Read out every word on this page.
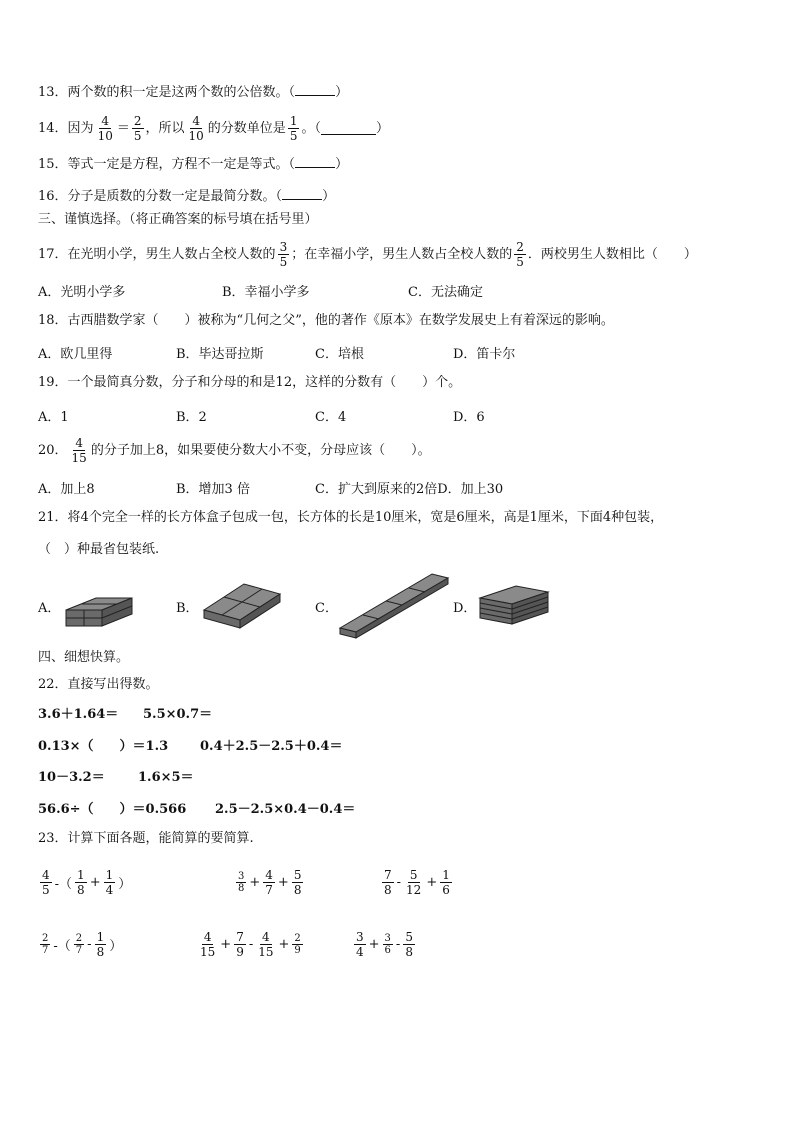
13．两个数的积一定是这两个数的公倍数。（	）
14． 因为 $\frac{4}{10} = \frac{2}{5}$ ，所以 $\frac{4}{10}$ 的分数单位是 $\frac{1}{5}$ 。（	）
15．等式一定是方程，方程不一定是等式。（	）
16．分子是质数的分数一定是最简分数。（	）
三、谨慎选择。（将正确答案的标号填在括号里）
17． 在光明小学，男生人数占全校人数的 $\frac{3}{5}$ ；在幸福小学，男生人数占全校人数的 $\frac{2}{5}$ ．两校男生人数相比（　　）
A．光明小学多	B．幸福小学多	C．无法确定
18．古西腊数学家（　　）被称为“几何之父”，他的著作《原本》在数学发展史上有着深远的影响。
A．欧几里得	B．毕达哥拉斯	C．培根	D．笛卡尔
19．一个最简真分数，分子和分母的和是12，这样的分数有（　　）个。
A．1	B．2	C．4	D．6
20． $\frac{4}{15}$ 的分子加上8，如果要使分数大小不变，分母应该（　　）。
A．加上8	B．增加3 倍	C．扩大到原来的2倍D．加上30
21．将4个完全一样的长方体盒子包成一包，长方体的长是10厘米，宽是6厘米，高是1厘米，下面4种包装，
（　）种最省包装纸.
A．	B．	C．	D．
四、细想快算。
22．直接写出得数。
3.6＋1.64＝ 5.5×0.7＝
0.13×（　　）＝1.3 0.4＋2.5－2.5＋0.4＝
10－3.2＝	1.6×5＝
56.6÷（　　）＝0.566 2.5－2.5×0.4－0.4＝
23．计算下面各题，能简算的要简算.
$\frac{4}{5}$ -（ $\frac{1}{8} + \frac{1}{4}$ ）	$\frac{3}{8} + \frac{4}{7} + \frac{5}{8}$	$\frac{7}{8} - \frac{5}{12} + \frac{1}{6}$
$\frac{2}{7}$ -（ $\frac{2}{7} - \frac{1}{8}$ ）	$\frac{4}{15} + \frac{7}{9} - \frac{4}{15} + \frac{2}{9}$	$\frac{3}{4} + \frac{3}{6} - \frac{5}{8}$
